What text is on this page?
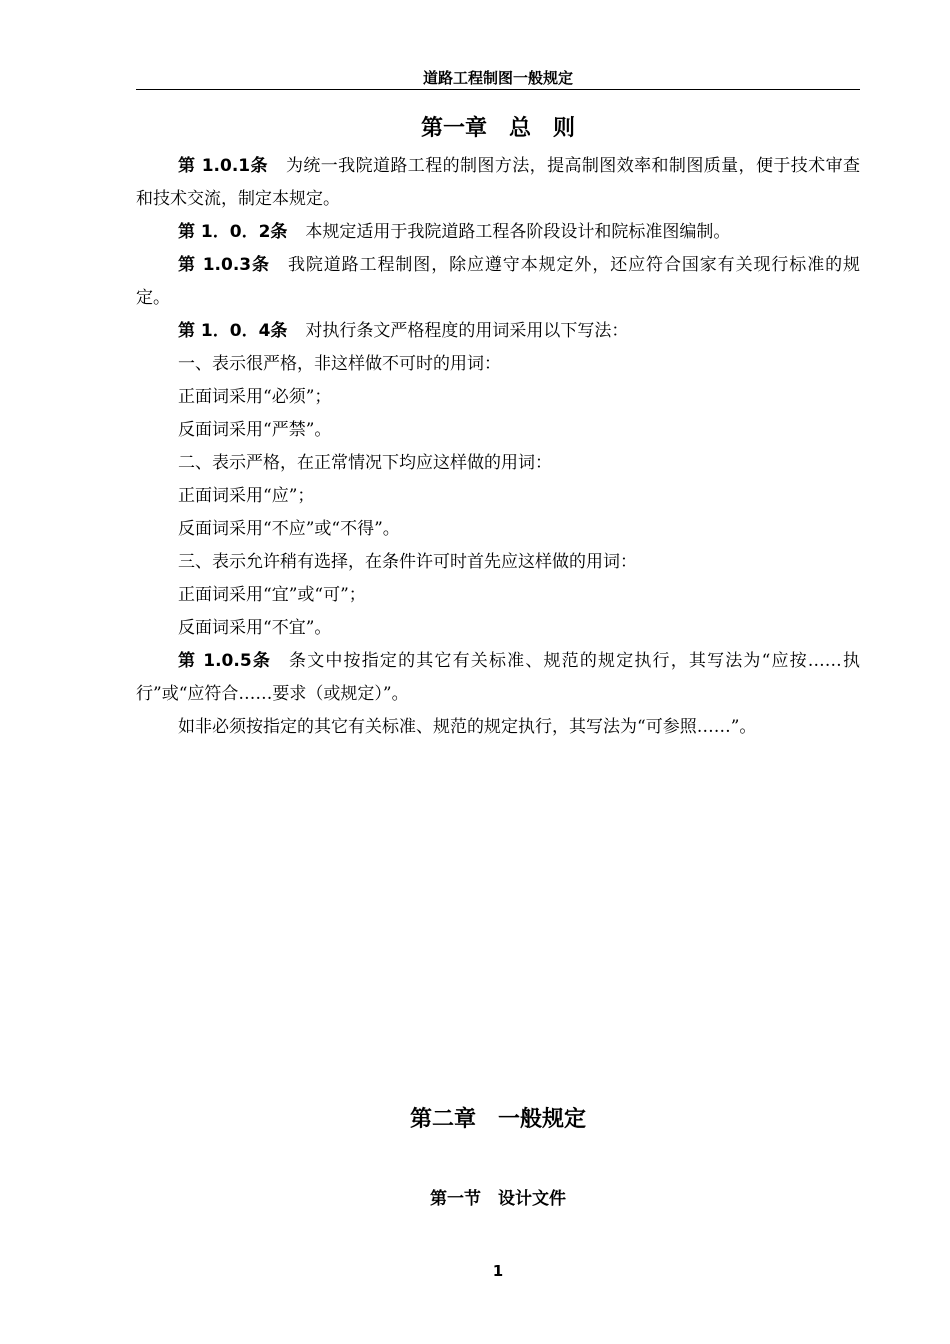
道路工程制图一般规定
第一章　总　则

第 1.0.1条 为统一我院道路工程的制图方法，提高制图效率和制图质量，便于技术审查和技术交流，制定本规定。

第 1．0．2条 本规定适用于我院道路工程各阶段设计和院标准图编制。

第 1.0.3条 我院道路工程制图，除应遵守本规定外，还应符合国家有关现行标准的规定。

第 1．0．4条 对执行条文严格程度的用词采用以下写法：

一、表示很严格，非这样做不可时的用词：

正面词采用“必须”；

反面词采用“严禁”。

二、表示严格，在正常情况下均应这样做的用词：

正面词采用“应”；

反面词采用“不应”或“不得”。

三、表示允许稍有选择，在条件许可时首先应这样做的用词：

正面词采用“宜”或“可”；

反面词采用“不宜”。

第 1.0.5条 条文中按指定的其它有关标准、规范的规定执行，其写法为“应按……执行”或“应符合……要求（或规定）”。

如非必须按指定的其它有关标准、规范的规定执行，其写法为“可参照……”。

第二章　一般规定
第一节　设计文件
1
